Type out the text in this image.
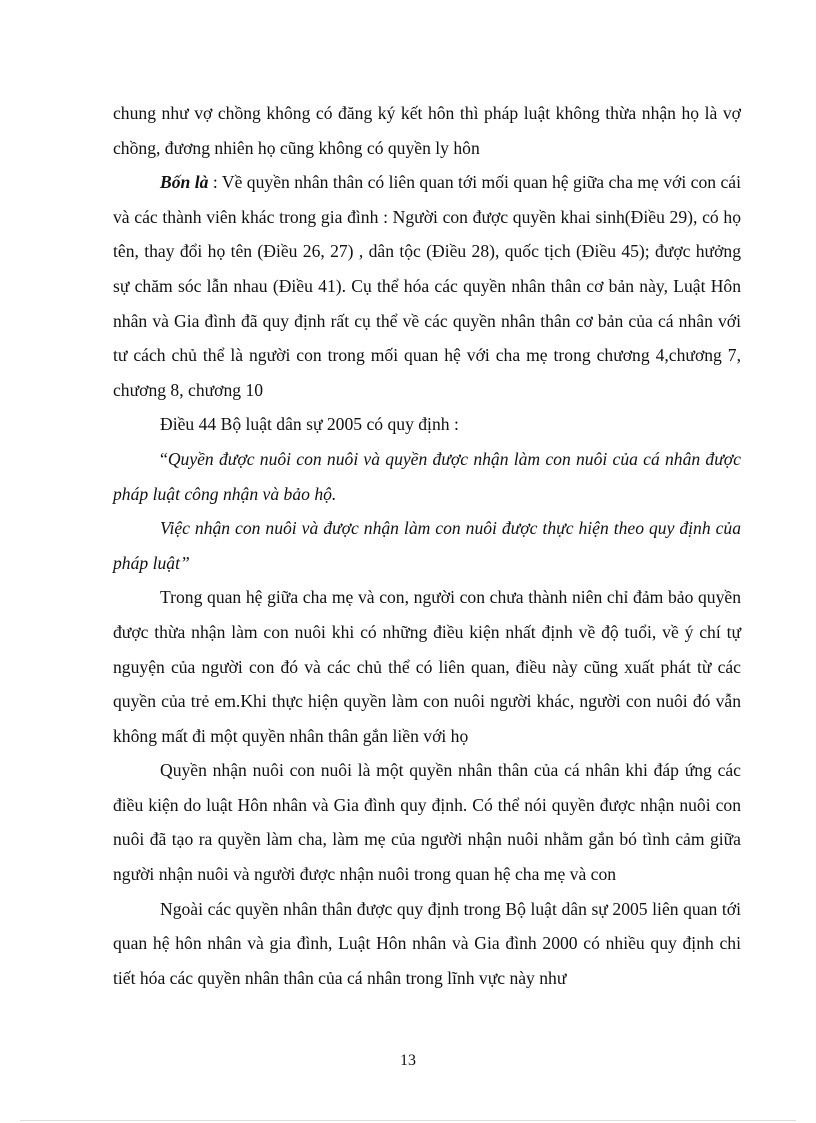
chung như vợ chồng không có đăng ký kết hôn thì pháp luật không thừa nhận họ là vợ chồng, đương nhiên họ cũng không có quyền ly hôn

Bốn là : Về quyền nhân thân có liên quan tới mối quan hệ giữa cha mẹ với con cái và các thành viên khác trong gia đình : Người con được quyền khai sinh(Điều 29), có họ tên, thay đổi họ tên (Điều 26, 27) , dân tộc (Điều 28), quốc tịch (Điều 45); được hưởng sự chăm sóc lẫn nhau (Điều 41). Cụ thể hóa các quyền nhân thân cơ bản này, Luật Hôn nhân và Gia đình đã quy định rất cụ thể về các quyền nhân thân cơ bản của cá nhân với tư cách chủ thể là người con trong mối quan hệ với cha mẹ trong chương 4,chương 7, chương 8, chương 10

Điều 44 Bộ luật dân sự 2005 có quy định :

“Quyền được nuôi con nuôi và quyền được nhận làm con nuôi của cá nhân được pháp luật công nhận và bảo hộ.

Việc nhận con nuôi và được nhận làm con nuôi được thực hiện theo quy định của pháp luật”

Trong quan hệ giữa cha mẹ và con, người con chưa thành niên chỉ đảm bảo quyền được thừa nhận làm con nuôi khi có những điều kiện nhất định về độ tuổi, về ý chí tự nguyện của người con đó và các chủ thể có liên quan, điều này cũng xuất phát từ các quyền của trẻ em.Khi thực hiện quyền làm con nuôi người khác, người con nuôi đó vẫn không mất đi một quyền nhân thân gắn liền với họ

Quyền nhận nuôi con nuôi là một quyền nhân thân của cá nhân khi đáp ứng các điều kiện do luật Hôn nhân và Gia đình quy định. Có thể nói quyền được nhận nuôi con nuôi đã tạo ra quyền làm cha, làm mẹ của người nhận nuôi nhằm gắn bó tình cảm giữa người nhận nuôi và người được nhận nuôi trong quan hệ cha mẹ và con

Ngoài các quyền nhân thân được quy định trong Bộ luật dân sự 2005 liên quan tới quan hệ hôn nhân và gia đình, Luật Hôn nhân và Gia đình 2000 có nhiều quy định chi tiết hóa các quyền nhân thân của cá nhân trong lĩnh vực này như

13
